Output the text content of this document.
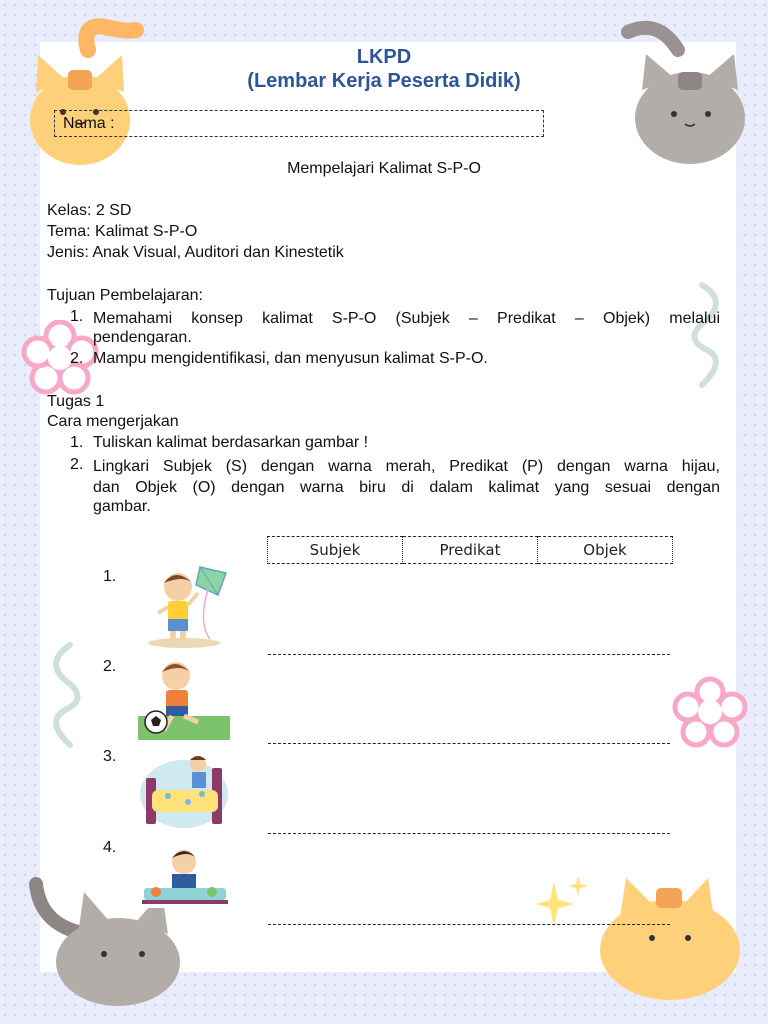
LKPD
(Lembar Kerja Peserta Didik)
Nama :
Mempelajari Kalimat S-P-O
Kelas: 2 SD
Tema: Kalimat S-P-O
Jenis: Anak Visual, Auditori dan Kinestetik
Tujuan Pembelajaran:
1. Memahami konsep kalimat S-P-O (Subjek – Predikat – Objek) melalui
pendengaran.
2. Mampu mengidentifikasi, dan menyusun kalimat S-P-O.
Tugas 1
Cara mengerjakan
1. Tuliskan kalimat berdasarkan gambar !
2. Lingkari Subjek (S) dengan warna merah, Predikat (P) dengan warna hijau,
dan Objek (O) dengan warna biru di dalam kalimat yang sesuai dengan
gambar.
Subjek	Predikat	Objek
1.
2.
3.
4.
